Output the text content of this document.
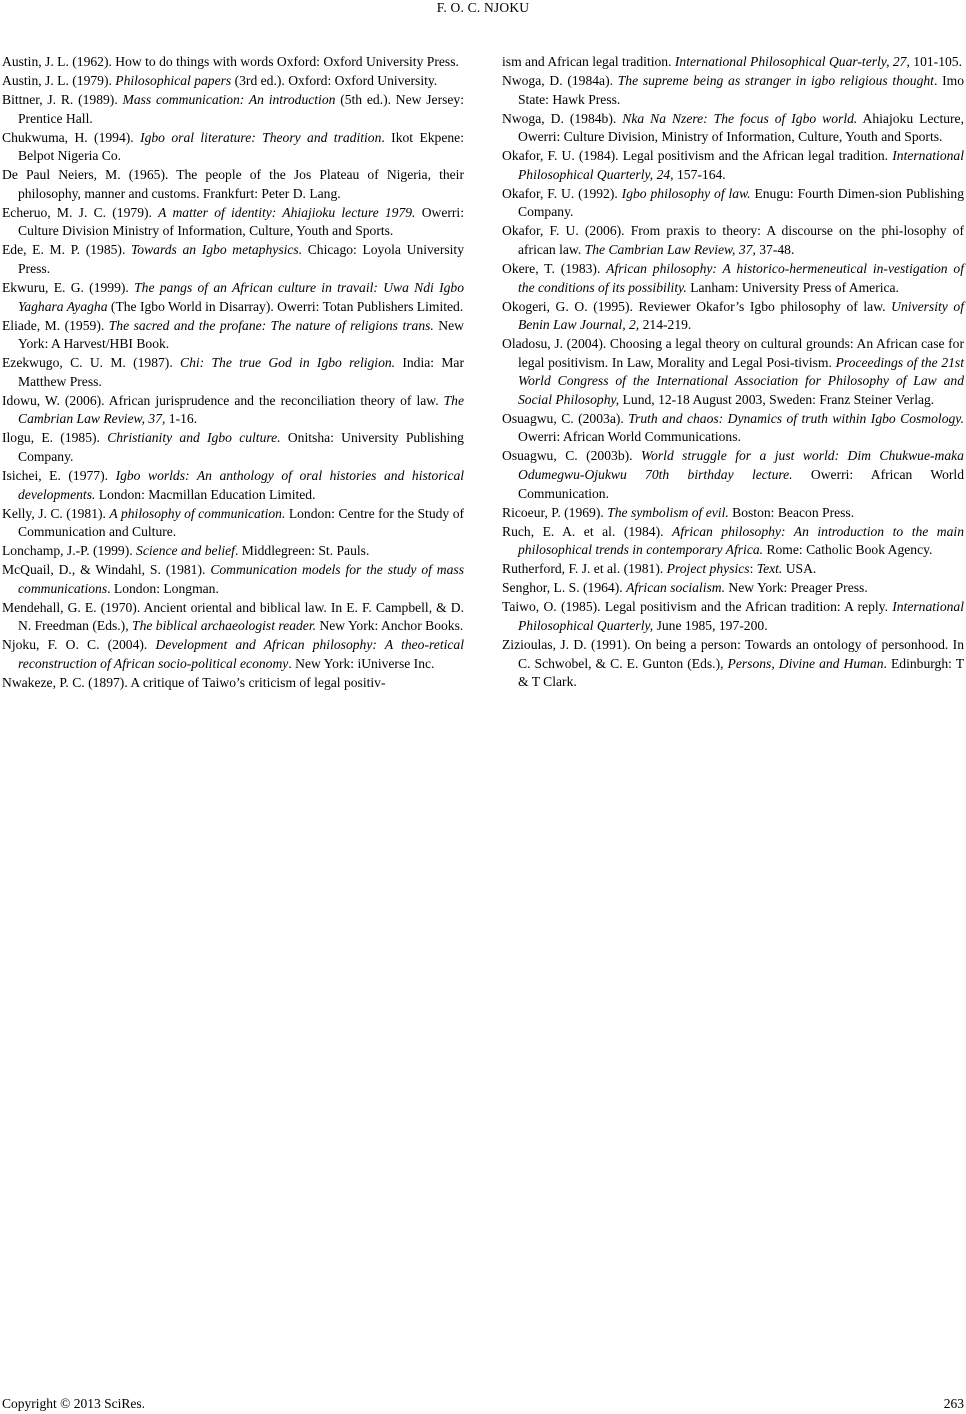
F. O. C. NJOKU

Austin, J. L. (1962). How to do things with words Oxford: Oxford University Press.

Austin, J. L. (1979). Philosophical papers (3rd ed.). Oxford: Oxford University.

Bittner, J. R. (1989). Mass communication: An introduction (5th ed.). New Jersey: Prentice Hall.

Chukwuma, H. (1994). Igbo oral literature: Theory and tradition. Ikot Ekpene: Belpot Nigeria Co.

De Paul Neiers, M. (1965). The people of the Jos Plateau of Nigeria, their philosophy, manner and customs. Frankfurt: Peter D. Lang.

Echeruo, M. J. C. (1979). A matter of identity: Ahiajioku lecture 1979. Owerri: Culture Division Ministry of Information, Culture, Youth and Sports.

Ede, E. M. P. (1985). Towards an Igbo metaphysics. Chicago: Loyola University Press.

Ekwuru, E. G. (1999). The pangs of an African culture in travail: Uwa Ndi Igbo Yaghara Ayagha (The Igbo World in Disarray). Owerri: Totan Publishers Limited.

Eliade, M. (1959). The sacred and the profane: The nature of religions trans. New York: A Harvest/HBI Book.

Ezekwugo, C. U. M. (1987). Chi: The true God in Igbo religion. India: Mar Matthew Press.

Idowu, W. (2006). African jurisprudence and the reconciliation theory of law. The Cambrian Law Review, 37, 1-16.

Ilogu, E. (1985). Christianity and Igbo culture. Onitsha: University Publishing Company.

Isichei, E. (1977). Igbo worlds: An anthology of oral histories and historical developments. London: Macmillan Education Limited.

Kelly, J. C. (1981). A philosophy of communication. London: Centre for the Study of Communication and Culture.

Lonchamp, J.-P. (1999). Science and belief. Middlegreen: St. Pauls.

McQuail, D., & Windahl, S. (1981). Communication models for the study of mass communications. London: Longman.

Mendehall, G. E. (1970). Ancient oriental and biblical law. In E. F. Campbell, & D. N. Freedman (Eds.), The biblical archaeologist reader. New York: Anchor Books.

Njoku, F. O. C. (2004). Development and African philosophy: A theo-retical reconstruction of African socio-political economy. New York: iUniverse Inc.

Nwakeze, P. C. (1897). A critique of Taiwo’s criticism of legal positiv-

ism and African legal tradition. International Philosophical Quar-terly, 27, 101-105.

Nwoga, D. (1984a). The supreme being as stranger in igbo religious thought. Imo State: Hawk Press.

Nwoga, D. (1984b). Nka Na Nzere: The focus of Igbo world. Ahiajoku Lecture, Owerri: Culture Division, Ministry of Information, Culture, Youth and Sports.

Okafor, F. U. (1984). Legal positivism and the African legal tradition. International Philosophical Quarterly, 24, 157-164.

Okafor, F. U. (1992). Igbo philosophy of law. Enugu: Fourth Dimen-sion Publishing Company.

Okafor, F. U. (2006). From praxis to theory: A discourse on the phi-losophy of african law. The Cambrian Law Review, 37, 37-48.

Okere, T. (1983). African philosophy: A historico-hermeneutical in-vestigation of the conditions of its possibility. Lanham: University Press of America.

Okogeri, G. O. (1995). Reviewer Okafor’s Igbo philosophy of law. University of Benin Law Journal, 2, 214-219.

Oladosu, J. (2004). Choosing a legal theory on cultural grounds: An African case for legal positivism. In Law, Morality and Legal Posi-tivism. Proceedings of the 21st World Congress of the International Association for Philosophy of Law and Social Philosophy, Lund, 12-18 August 2003, Sweden: Franz Steiner Verlag.

Osuagwu, C. (2003a). Truth and chaos: Dynamics of truth within Igbo Cosmology. Owerri: African World Communications.

Osuagwu, C. (2003b). World struggle for a just world: Dim Chukwue-maka Odumegwu-Ojukwu 70th birthday lecture. Owerri: African World Communication.

Ricoeur, P. (1969). The symbolism of evil. Boston: Beacon Press.

Ruch, E. A. et al. (1984). African philosophy: An introduction to the main philosophical trends in contemporary Africa. Rome: Catholic Book Agency.

Rutherford, F. J. et al. (1981). Project physics: Text. USA.

Senghor, L. S. (1964). African socialism. New York: Preager Press.

Taiwo, O. (1985). Legal positivism and the African tradition: A reply. International Philosophical Quarterly, June 1985, 197-200.

Zizioulas, J. D. (1991). On being a person: Towards an ontology of personhood. In C. Schwobel, & C. E. Gunton (Eds.), Persons, Divine and Human. Edinburgh: T & T Clark.

Copyright © 2013 SciRes.	263
